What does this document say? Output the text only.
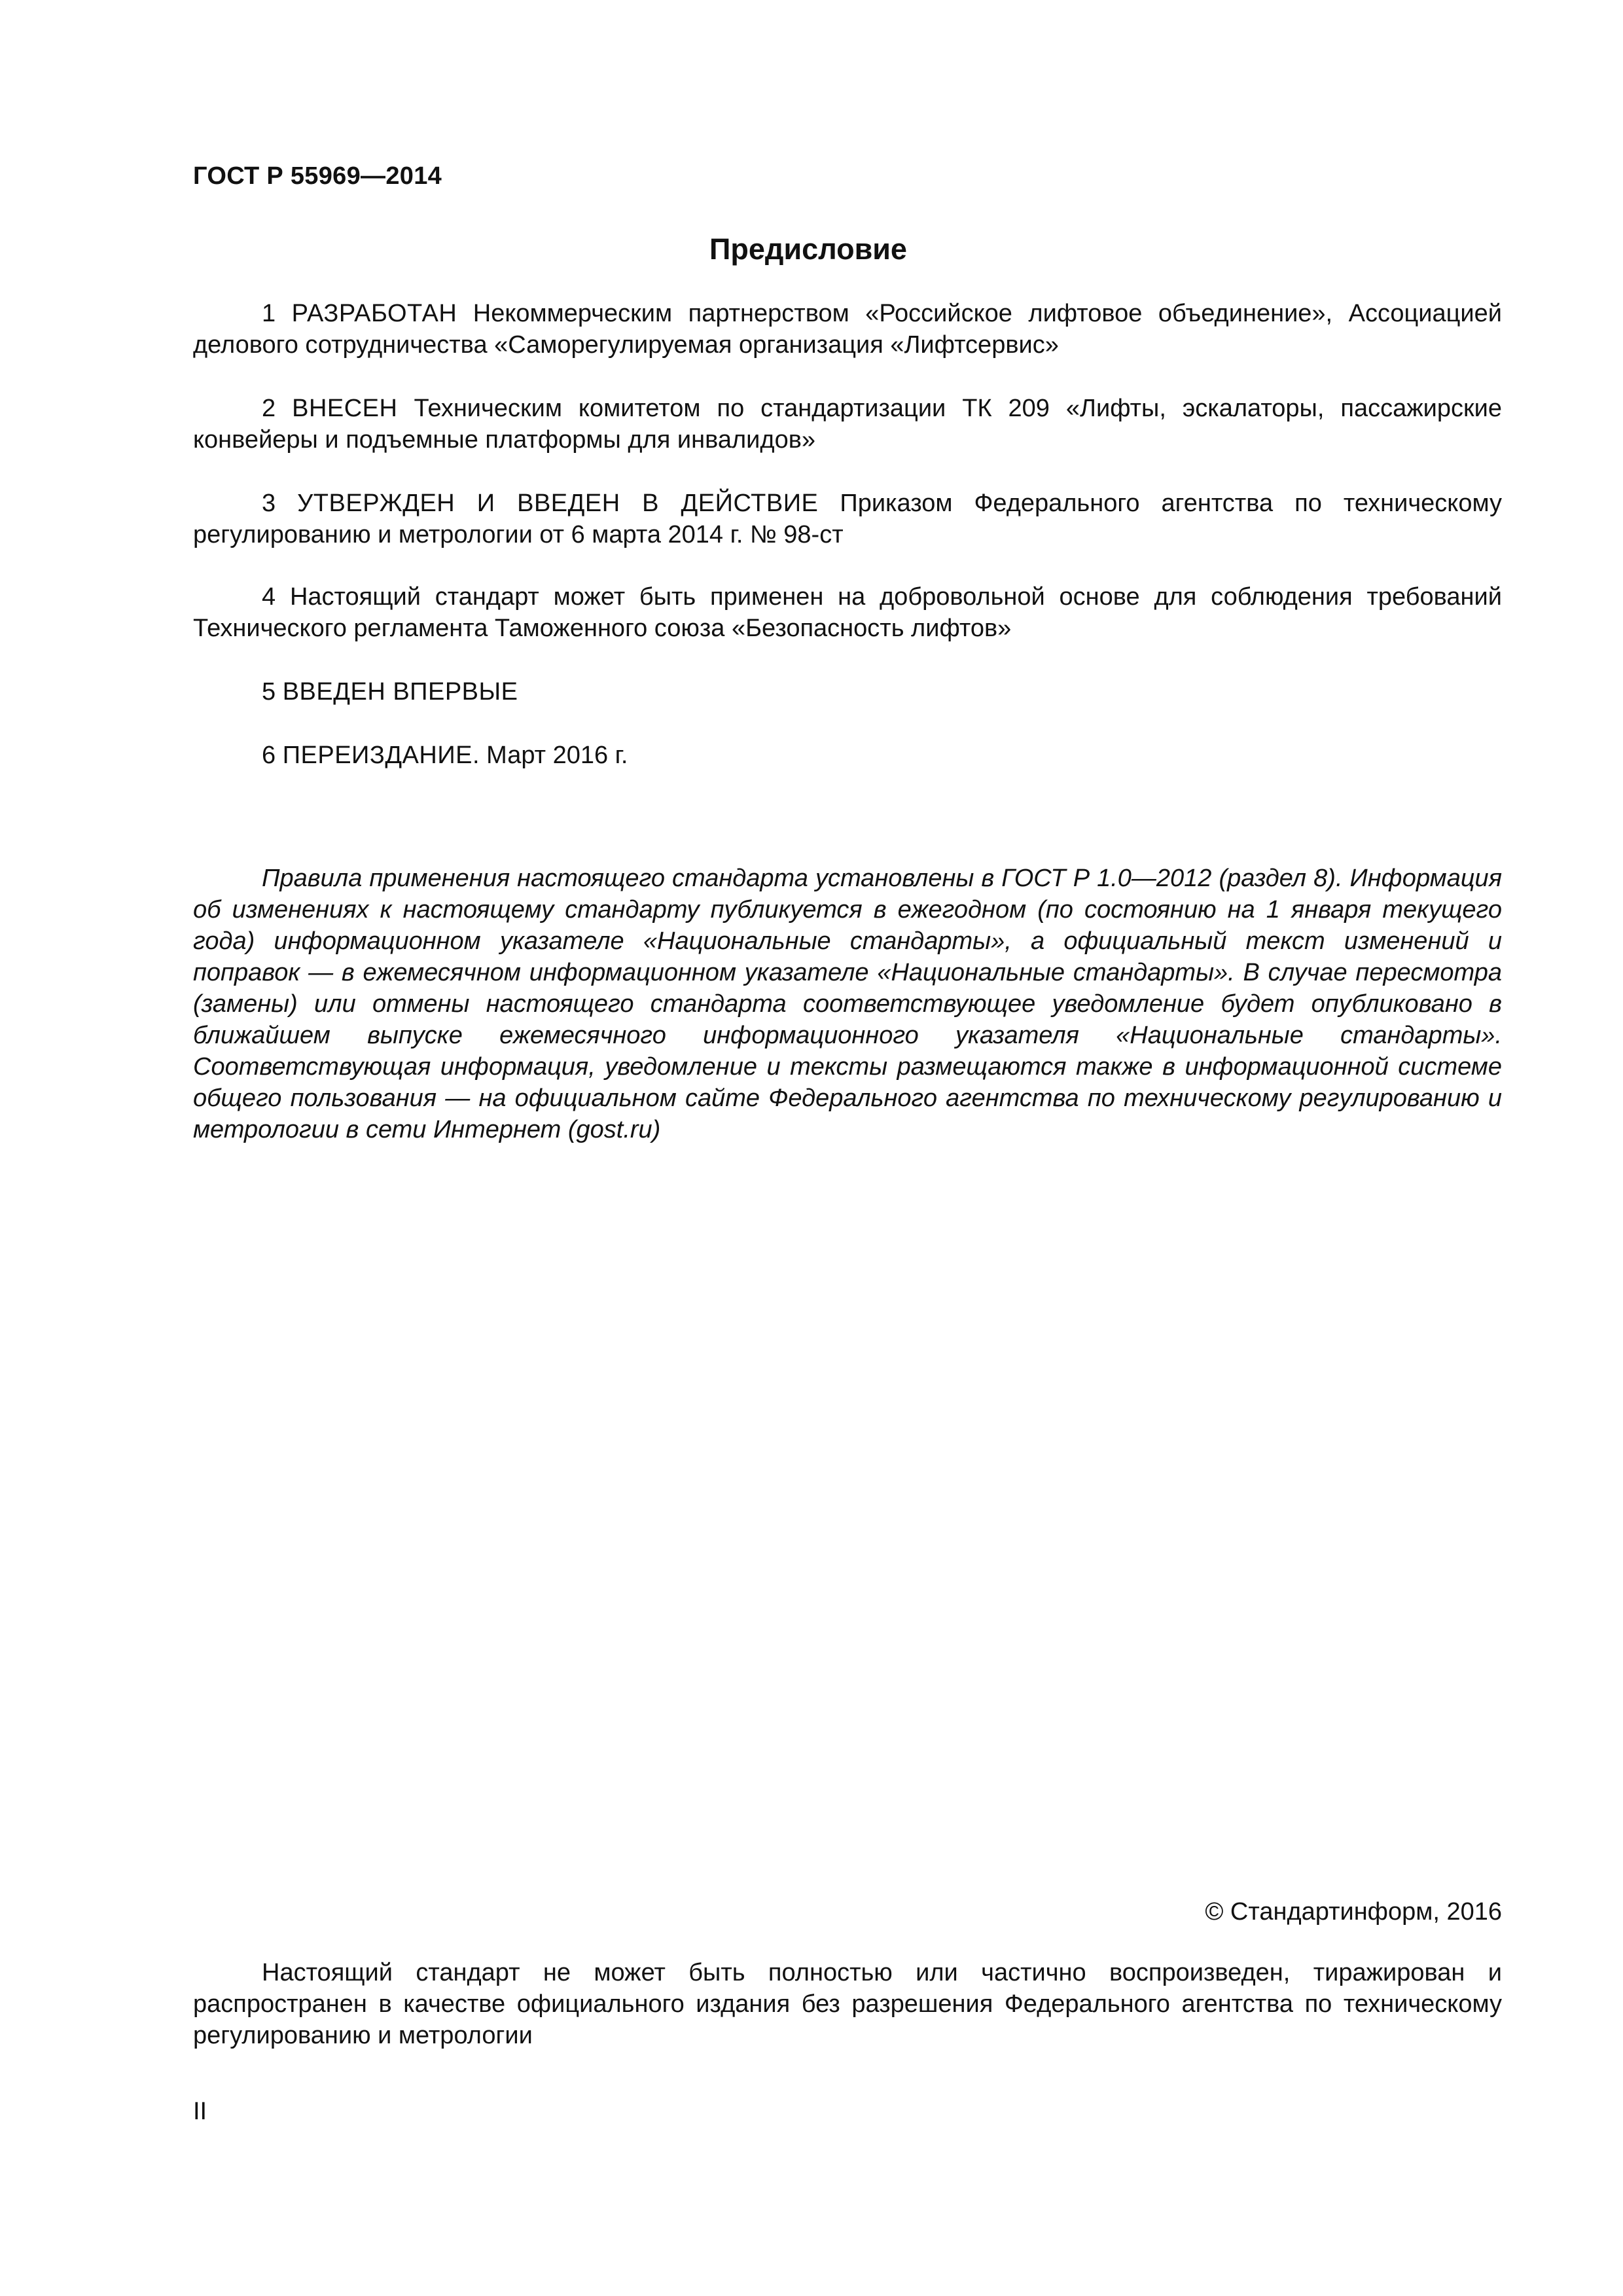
ГОСТ Р 55969—2014
Предисловие

1 РАЗРАБОТАН Некоммерческим партнерством «Российское лифтовое объединение», Ассоциацией делового сотрудничества «Саморегулируемая организация «Лифтсервис»

2 ВНЕСЕН Техническим комитетом по стандартизации ТК 209 «Лифты, эскалаторы, пассажирские конвейеры и подъемные платформы для инвалидов»

3 УТВЕРЖДЕН И ВВЕДЕН В ДЕЙСТВИЕ Приказом Федерального агентства по техническому регулированию и метрологии от 6 марта 2014 г. № 98-ст

4 Настоящий стандарт может быть применен на добровольной основе для соблюдения требований Технического регламента Таможенного союза «Безопасность лифтов»

5 ВВЕДЕН ВПЕРВЫЕ

6 ПЕРЕИЗДАНИЕ. Март 2016 г.

Правила применения настоящего стандарта установлены в ГОСТ Р 1.0—2012 (раздел 8). Информация об изменениях к настоящему стандарту публикуется в ежегодном (по состоянию на 1 января текущего года) информационном указателе «Национальные стандарты», а официальный текст изменений и поправок — в ежемесячном информационном указателе «Национальные стандарты». В случае пересмотра (замены) или отмены настоящего стандарта соответствующее уведомление будет опубликовано в ближайшем выпуске ежемесячного информационного указателя «Национальные стандарты». Соответствующая информация, уведомление и тексты размещаются также в информационной системе общего пользования — на официальном сайте Федерального агентства по техническому регулированию и метрологии в сети Интернет (gost.ru)

© Стандартинформ, 2016

Настоящий стандарт не может быть полностью или частично воспроизведен, тиражирован и распространен в качестве официального издания без разрешения Федерального агентства по техническому регулированию и метрологии

II
